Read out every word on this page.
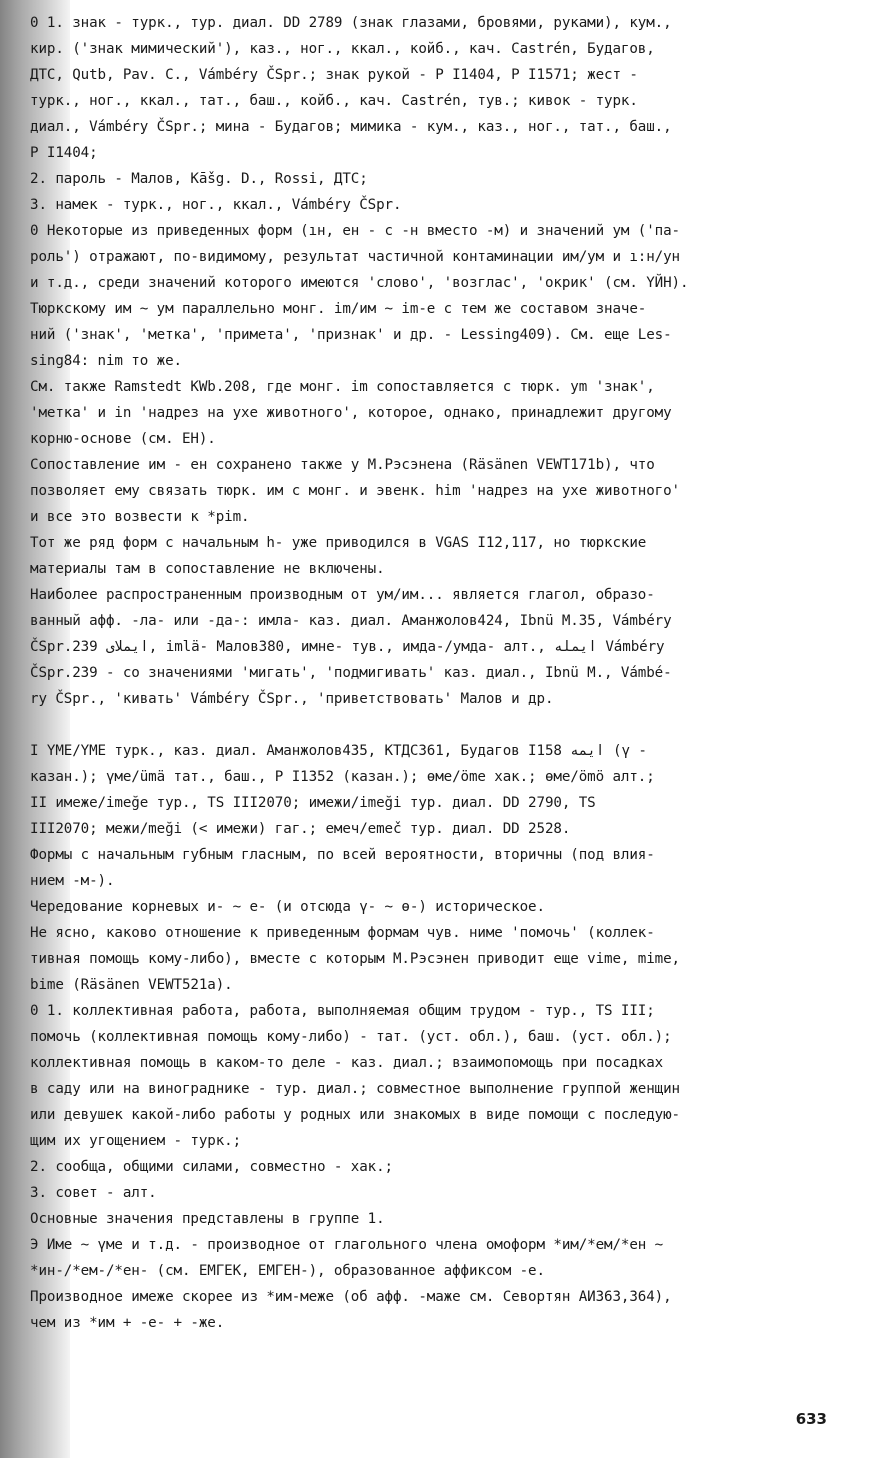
0 1. знак - турк., тур. диал. DD 2789 (знак глазами, бровями, руками), кум.,
кир. ('знак мимический'), каз., ног., ккал., койб., кач. Castrén, Будагов,
ДТС, Qutb, Pav. C., Vámbéry ČSpr.; знак рукой - Р I1404, Р I1571; жест -
турк., ног., ккал., тат., баш., койб., кач. Castrén, тув.; кивок - турк.
диал., Vámbéry ČSpr.; мина - Будагов; мимика - кум., каз., ног., тат., баш.,
Р I1404;
2. пароль - Малов, Kāšg. D., Rossi, ДТС;
3. намек - турк., ног., ккал., Vámbéry ČSpr.
0 Некоторые из приведенных форм (ıн, ен - с -н вместо -м) и значений ум ('па-
роль') отражают, по-видимому, результат частичной контаминации им/ум и ı:н/ун
и т.д., среди значений которого имеются 'слово', 'возглас', 'окрик' (см. ҮЙН).
Тюркскому им ~ ум параллельно монг. im/им ~ im-e с тем же составом значе-
ний ('знак', 'метка', 'примета', 'признак' и др. - Lessing409). См. еще Les-
sing84: nim то же.
См. также Ramstedt KWb.208, где монг. im сопоставляется с тюрк. ym 'знак',
'метка' и in 'надрез на ухе животного', которое, однако, принадлежит другому
корню-основе (см. ЕН).
Сопоставление им - ен сохранено также у М.Рэсэнена (Räsänen VEWT171b), что
позволяет ему связать тюрк. им с монг. и эвенк. him 'надрез на ухе животного'
и все это возвести к *pim.
Тот же ряд форм с начальным h- уже приводился в VGAS I12,117, но тюркские
материалы там в сопоставление не включены.
Наиболее распространенным производным от ум/им... является глагол, образо-
ванный афф. -ла- или -да-: имла- каз. диал. Аманжолов424, Ibnü M.35, Vámbéry
ČSpr.239 ايملاى, imlä- Малов380, имне- тув., имда-/умда- алт., ايمله‎ Vámbéry
ČSpr.239 - со значениями 'мигать', 'подмигивать' каз. диал., Ibnü M., Vámbé-
ry ČSpr., 'кивать' Vámbéry ČSpr., 'приветствовать' Малов и др.
I ҮМЕ/ҮМЕ турк., каз. диал. Аманжолов435, КТДС361, Будагов I158 ايمه (ү -
казан.); үме/ümä тат., баш., Р I1352 (казан.); өме/öme хак.; өме/ömö алт.;
II имеже/imeğe тур., TS III2070; имежи/imeği тур. диал. DD 2790, TS
III2070; межи/meği (< имежи) гаг.; емеч/emeč тур. диал. DD 2528.
Формы с начальным губным гласным, по всей вероятности, вторичны (под влия-
нием -м-).
Чередование корневых и- ~ е- (и отсюда ү- ~ ө-) историческое.
Не ясно, каково отношение к приведенным формам чув. ниме 'помочь' (коллек-
тивная помощь кому-либо), вместе с которым М.Рэсэнен приводит еще vime, mime,
bime (Räsänen VEWT521a).
0 1. коллективная работа, работа, выполняемая общим трудом - тур., TS III;
помочь (коллективная помощь кому-либо) - тат. (уст. обл.), баш. (уст. обл.);
коллективная помощь в каком-то деле - каз. диал.; взаимопомощь при посадках
в саду или на винограднике - тур. диал.; совместное выполнение группой женщин
или девушек какой-либо работы у родных или знакомых в виде помощи с последую-
щим их угощением - турк.;
2. сообща, общими силами, совместно - хак.;
3. совет - алт.
Основные значения представлены в группе 1.
Э Име ~ үме и т.д. - производное от глагольного члена омоформ *им/*ем/*ен ~
*ин-/*ем-/*ен- (см. ЕМГЕК, ЕМГЕН-), образованное аффиксом -е.
Производное имеже скорее из *им-меже (об афф. -маже см. Севортян АИ363,364),
чем из *им + -е- + -же.
633
